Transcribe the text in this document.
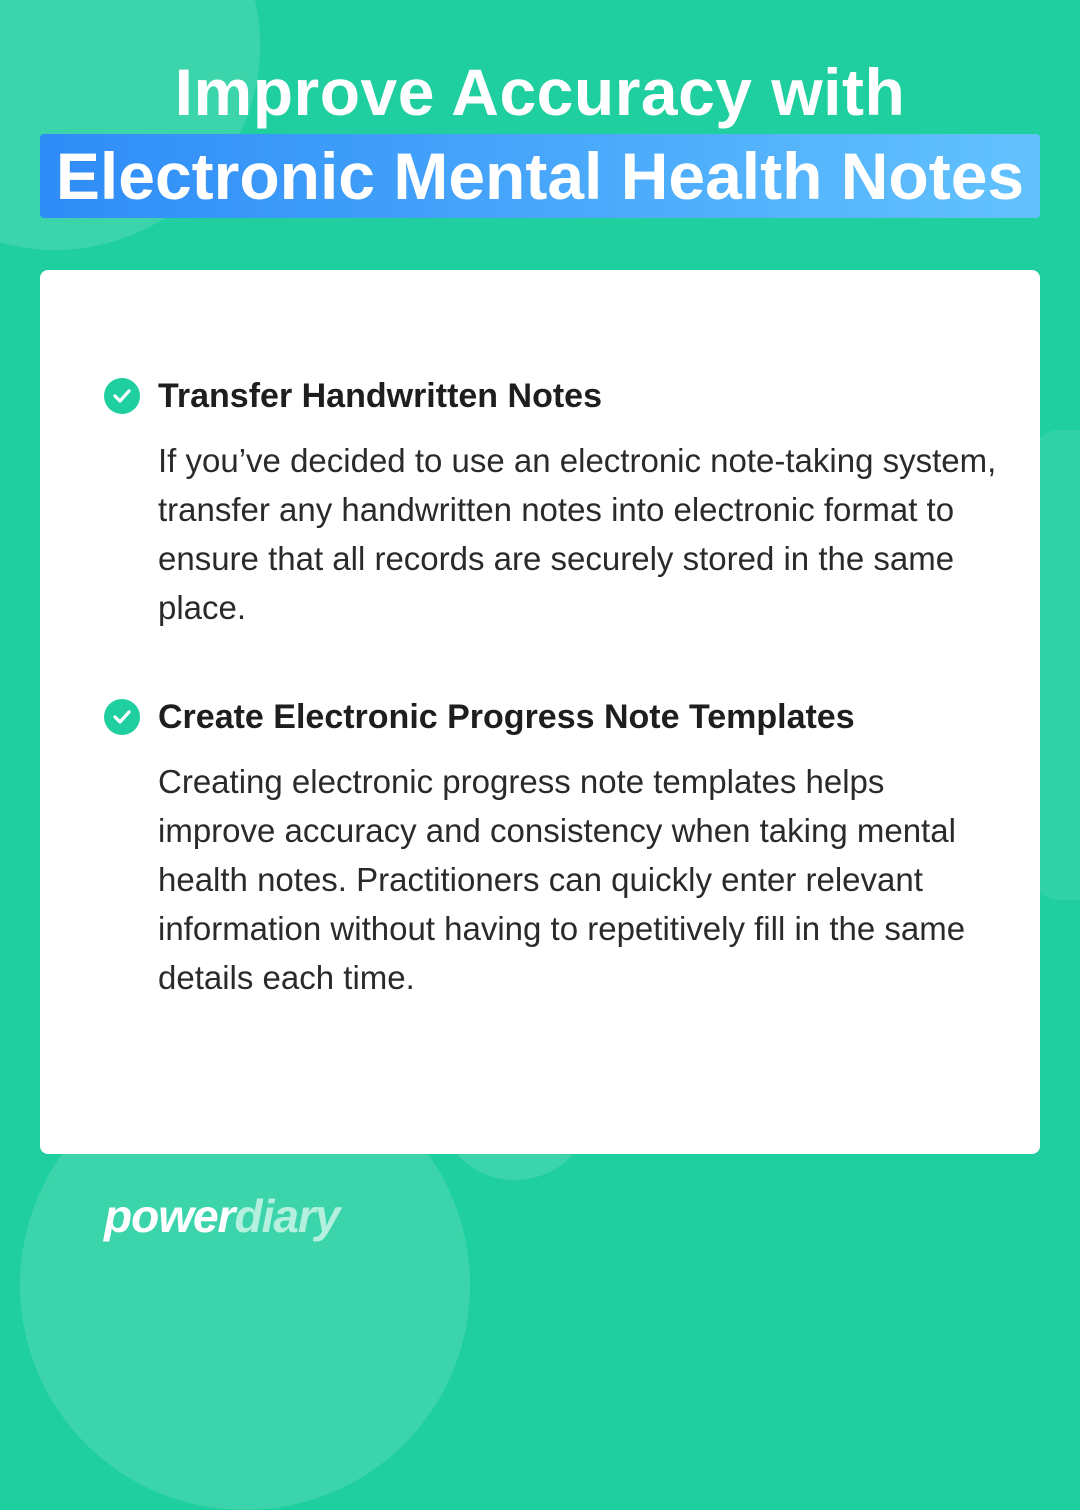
Improve Accuracy with
Electronic Mental Health Notes
Transfer Handwritten Notes
If you’ve decided to use an electronic note-taking system, transfer any handwritten notes into electronic format to ensure that all records are securely stored in the same place.
Create Electronic Progress Note Templates
Creating electronic progress note templates helps improve accuracy and consistency when taking mental health notes. Practitioners can quickly enter relevant information without having to repetitively fill in the same details each time.
powerdiary
